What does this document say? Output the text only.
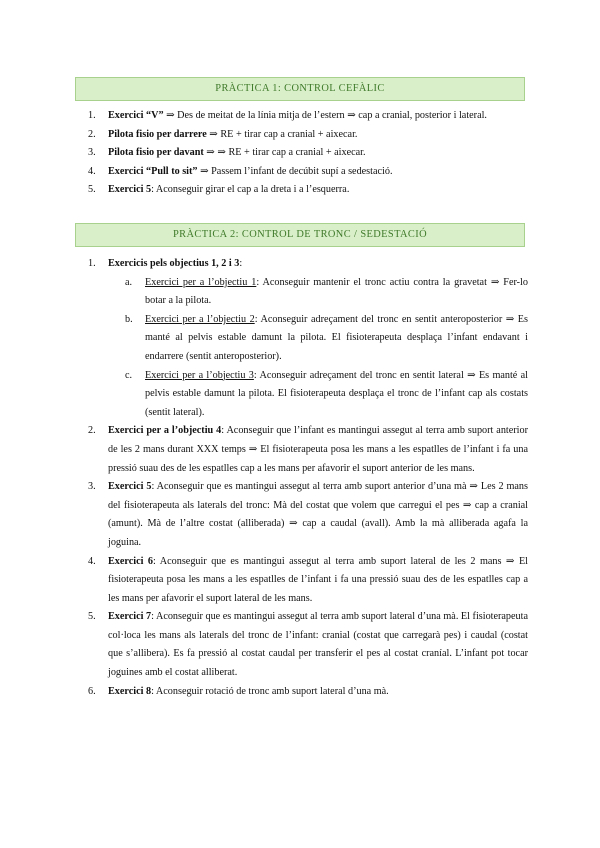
PRÀCTICA 1: CONTROL CEFÀLIC
1. Exercici “V” ⇒ Des de meitat de la línia mitja de l’estern ⇒ cap a cranial, posterior i lateral.
2. Pilota fisio per darrere ⇒ RE + tirar cap a cranial + aixecar.
3. Pilota fisio per davant ⇒ ⇒ RE + tirar cap a cranial + aixecar.
4. Exercici “Pull to sit” ⇒ Passem l’infant de decúbit supí a sedestació.
5. Exercici 5: Aconseguir girar el cap a la dreta i a l’esquerra.
PRÀCTICA 2: CONTROL DE TRONC / SEDESTACIÓ
1. Exercicis pels objectius 1, 2 i 3:
a. Exercici per a l’objectiu 1: Aconseguir mantenir el tronc actiu contra la gravetat ⇒ Fer-lo botar a la pilota.
b. Exercici per a l’objectiu 2: Aconseguir adreçament del tronc en sentit anteroposterior ⇒ Es manté al pelvis estable damunt la pilota. El fisioterapeuta desplaça l’infant endavant i endarrere (sentit anteroposterior).
c. Exercici per a l’objectiu 3: Aconseguir adreçament del tronc en sentit lateral ⇒ Es manté al pelvis estable damunt la pilota. El fisioterapeuta desplaça el tronc de l’infant cap als costats (sentit lateral).
2. Exercici per a l’objectiu 4: Aconseguir que l’infant es mantingui assegut al terra amb suport anterior de les 2 mans durant XXX temps ⇒ El fisioterapeuta posa les mans a les espatlles de l’infant i fa una pressió suau des de les espatlles cap a les mans per afavorir el suport anterior de les mans.
3. Exercici 5: Aconseguir que es mantingui assegut al terra amb suport anterior d’una mà ⇒ Les 2 mans del fisioterapeuta als laterals del tronc: Mà del costat que volem que carregui el pes ⇒ cap a cranial (amunt). Mà de l’altre costat (alliberada) ⇒ cap a caudal (avall). Amb la mà alliberada agafa la joguina.
4. Exercici 6: Aconseguir que es mantingui assegut al terra amb suport lateral de les 2 mans ⇒ El fisioterapeuta posa les mans a les espatlles de l’infant i fa una pressió suau des de les espatlles cap a les mans per afavorir el suport lateral de les mans.
5. Exercici 7: Aconseguir que es mantingui assegut al terra amb suport lateral d’una mà. El fisioterapeuta col·loca les mans als laterals del tronc de l’infant: cranial (costat que carregarà pes) i caudal (costat que s’allibera). Es fa pressió al costat caudal per transferir el pes al costat craníal. L’infant pot tocar joguines amb el costat alliberat.
6. Exercici 8: Aconseguir rotació de tronc amb suport lateral d’una mà.
